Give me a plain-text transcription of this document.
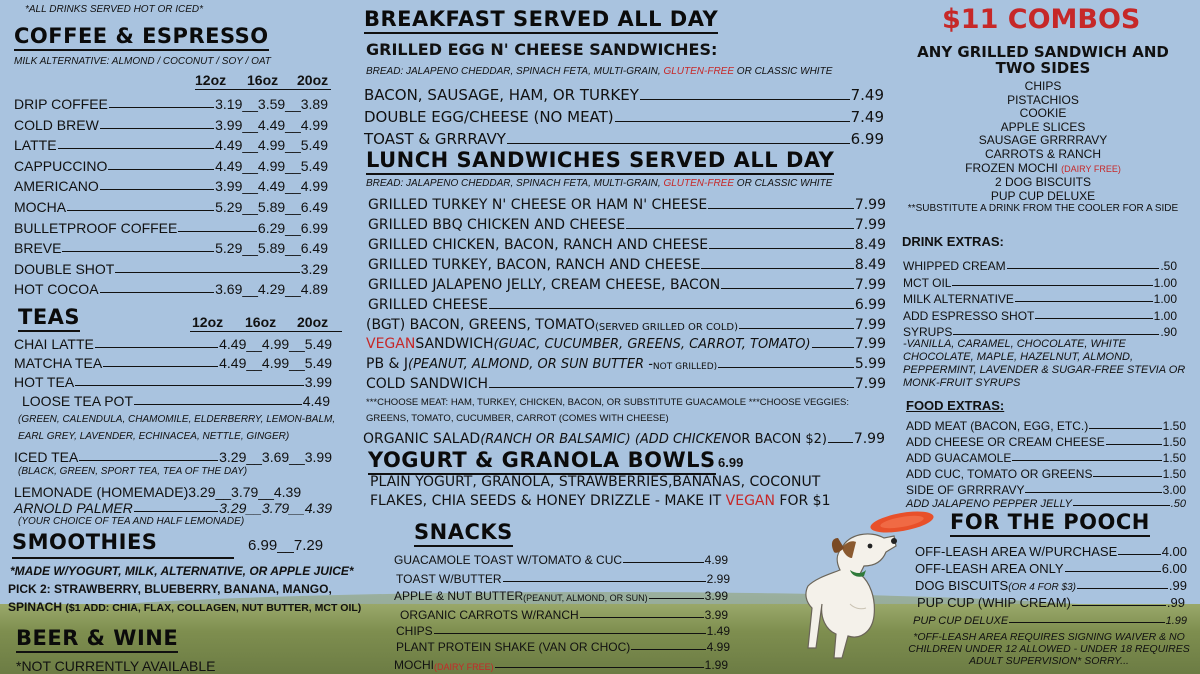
*ALL DRINKS SERVED HOT OR ICED*
COFFEE & ESPRESSO
MILK ALTERNATIVE: ALMOND / COCONUT / SOY / OAT
12oz 16oz 20oz
DRIP COFFEE	3.19__3.59__3.89
COLD BREW	3.99__4.49__4.99
LATTE	4.49__4.99__5.49
CAPPUCCINO	4.49__4.99__5.49
AMERICANO	3.99__4.49__4.99
MOCHA	5.29__5.89__6.49
BULLETPROOF COFFEE	6.29__6.99
BREVE	5.29__5.89__6.49
DOUBLE SHOT	3.29
HOT COCOA	3.69__4.29__4.89
TEAS	12oz 16oz 20oz
CHAI LATTE	4.49__4.99__5.49
MATCHA TEA	4.49__4.99__5.49
HOT TEA	3.99
LOOSE TEA POT	4.49
(GREEN, CALENDULA, CHAMOMILE, ELDERBERRY, LEMON-BALM, EARL GREY, LAVENDER, ECHINACEA, NETTLE, GINGER)
ICED TEA	3.29__3.69__3.99
(BLACK, GREEN, SPORT TEA, TEA OF THE DAY)
LEMONADE (HOMEMADE) 3.29__3.79__4.39
ARNOLD PALMER	3.29__3.79__4.39
(YOUR CHOICE OF TEA AND HALF LEMONADE)
SMOOTHIES	6.99__7.29
*MADE W/YOGURT, MILK, ALTERNATIVE, OR APPLE JUICE*
PICK 2: STRAWBERRY, BLUEBERRY, BANANA, MANGO,
SPINACH ($1 ADD: CHIA, FLAX, COLLAGEN, NUT BUTTER, MCT OIL)
BEER & WINE
*NOT CURRENTLY AVAILABLE
BREAKFAST SERVED ALL DAY
GRILLED EGG N' CHEESE SANDWICHES:
BREAD: JALAPENO CHEDDAR, SPINACH FETA, MULTI-GRAIN, GLUTEN-FREE OR CLASSIC WHITE
BACON, SAUSAGE, HAM, OR TURKEY	7.49
DOUBLE EGG/CHEESE (NO MEAT)	7.49
TOAST & GRRRAVY	6.99
LUNCH SANDWICHES SERVED ALL DAY
BREAD: JALAPENO CHEDDAR, SPINACH FETA, MULTI-GRAIN, GLUTEN-FREE OR CLASSIC WHITE
GRILLED TURKEY N' CHEESE OR HAM N' CHEESE	7.99
GRILLED BBQ CHICKEN AND CHEESE	7.99
GRILLED CHICKEN, BACON, RANCH AND CHEESE	8.49
GRILLED TURKEY, BACON, RANCH AND CHEESE	8.49
GRILLED JALAPENO JELLY, CREAM CHEESE, BACON	7.99
GRILLED CHEESE	6.99
(BGT) BACON, GREENS, TOMATO (SERVED GRILLED OR COLD)	7.99
VEGAN SANDWICH (GUAC, CUCUMBER, GREENS, CARROT, TOMATO)	7.99
PB & J (PEANUT, ALMOND, OR SUN BUTTER - NOT GRILLED)	5.99
COLD SANDWICH	7.99
***CHOOSE MEAT: HAM, TURKEY, CHICKEN, BACON, OR SUBSTITUTE GUACAMOLE ***CHOOSE VEGGIES: GREENS, TOMATO, CUCUMBER, CARROT (COMES WITH CHEESE)
ORGANIC SALAD (RANCH OR BALSAMIC) (ADD CHICKEN OR BACON $2) 7.99
YOGURT & GRANOLA BOWLS 6.99
PLAIN YOGURT, GRANOLA, STRAWBERRIES,BANANAS, COCONUT
FLAKES, CHIA SEEDS & HONEY DRIZZLE - MAKE IT VEGAN FOR $1
SNACKS
GUACAMOLE TOAST W/TOMATO & CUC	4.99
TOAST W/BUTTER	2.99
ORGANIC CARROTS W/RANCH	3.99
CHIPS	1.49
PLANT PROTEIN SHAKE (VAN OR CHOC)	4.99
APPLE & NUT BUTTER (PEANUT, ALMOND, OR SUN)	3.99
MOCHI (DAIRY FREE)	1.99
$11 COMBOS
ANY GRILLED SANDWICH AND TWO SIDES
CHIPS
PISTACHIOS
COOKIE
APPLE SLICES
SAUSAGE GRRRRAVY
CARROTS & RANCH
FROZEN MOCHI (DAIRY FREE)
2 DOG BISCUITS
PUP CUP DELUXE
**SUBSTITUTE A DRINK FROM THE COOLER FOR A SIDE
DRINK EXTRAS:
WHIPPED CREAM	.50
MCT OIL	1.00
MILK ALTERNATIVE	1.00
ADD ESPRESSO SHOT	1.00
SYRUPS	.90
-VANILLA, CARAMEL, CHOCOLATE, WHITE CHOCOLATE, MAPLE, HAZELNUT, ALMOND, PEPPERMINT, LAVENDER & SUGAR-FREE STEVIA OR MONK-FRUIT SYRUPS
FOOD EXTRAS:
ADD MEAT (BACON, EGG, ETC.)	1.50
ADD CHEESE OR CREAM CHEESE	1.50
ADD GUACAMOLE	1.50
ADD CUC, TOMATO OR GREENS	1.50
SIDE OF GRRRRAVY	3.00
ADD JALAPENO PEPPER JELLY	.50
FOR THE POOCH
OFF-LEASH AREA W/PURCHASE	4.00
OFF-LEASH AREA ONLY	6.00
PUP CUP (WHIP CREAM)	.99
DOG BISCUITS (OR 4 FOR $3)	.99
PUP CUP DELUXE	1.99
*OFF-LEASH AREA REQUIRES SIGNING WAIVER & NO CHILDREN UNDER 12 ALLOWED - UNDER 18 REQUIRES ADULT SUPERVISION* SORRY...
